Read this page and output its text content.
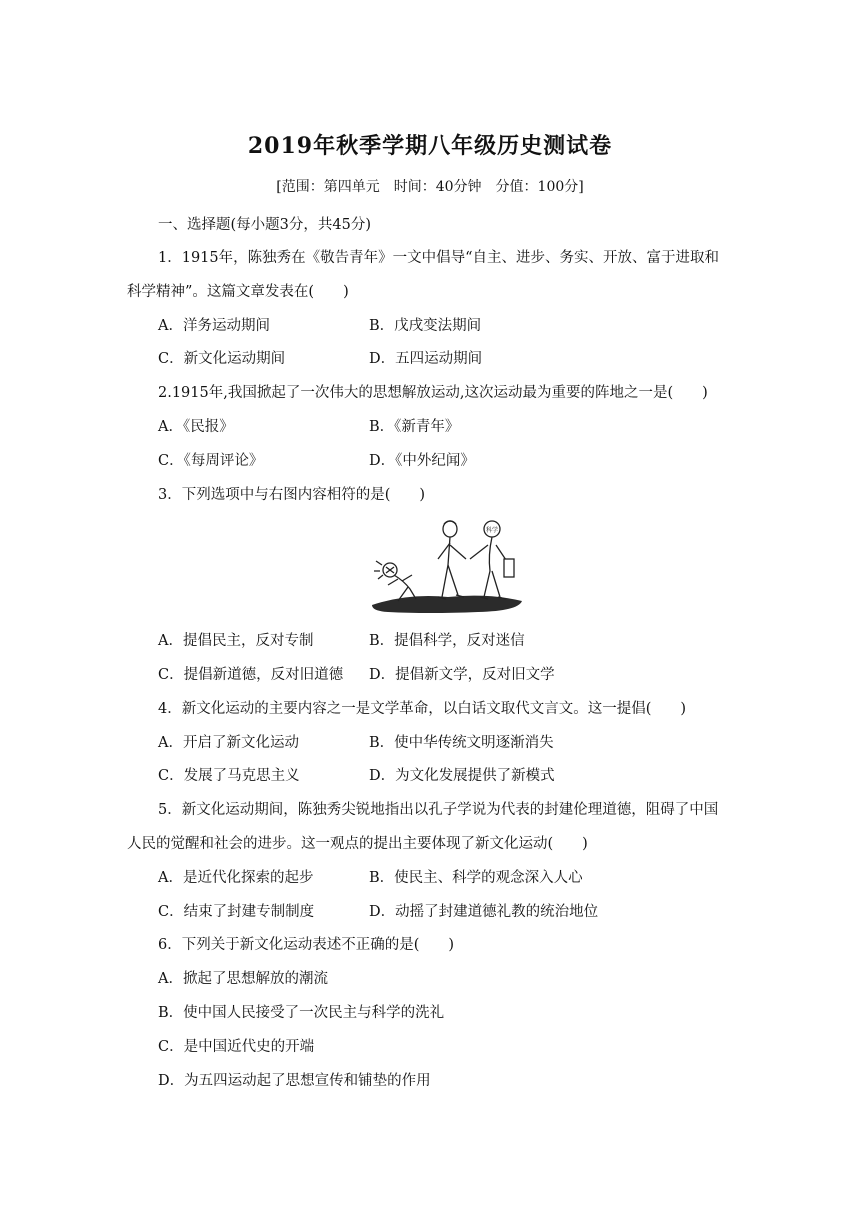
2019年秋季学期八年级历史测试卷
[范围：第四单元　时间：40分钟　分值：100分]
一、选择题(每小题3分，共45分)
1．1915年，陈独秀在《敬告青年》一文中倡导“自主、进步、务实、开放、富于进取和
科学精神”。这篇文章发表在(　　)
A．洋务运动期间	B．戊戌变法期间
C．新文化运动期间	D．五四运动期间
2.1915年,我国掀起了一次伟大的思想解放运动,这次运动最为重要的阵地之一是(　　)
A．《民报》	B．《新青年》
C．《每周评论》	D．《中外纪闻》
3．下列选项中与右图内容相符的是(　　)
科学
A．提倡民主，反对专制	B．提倡科学，反对迷信
C．提倡新道德，反对旧道德 D．提倡新文学，反对旧文学
4．新文化运动的主要内容之一是文学革命，以白话文取代文言文。这一提倡(　　)
A．开启了新文化运动	B．使中华传统文明逐渐消失
C．发展了马克思主义	D．为文化发展提供了新模式
5．新文化运动期间，陈独秀尖锐地指出以孔子学说为代表的封建伦理道德，阻碍了中国
人民的觉醒和社会的进步。这一观点的提出主要体现了新文化运动(　　)
A．是近代化探索的起步	B．使民主、科学的观念深入人心
C．结束了封建专制制度	D．动摇了封建道德礼教的统治地位
6．下列关于新文化运动表述不正确的是(　　)
A．掀起了思想解放的潮流
B．使中国人民接受了一次民主与科学的洗礼
C．是中国近代史的开端
D．为五四运动起了思想宣传和铺垫的作用
